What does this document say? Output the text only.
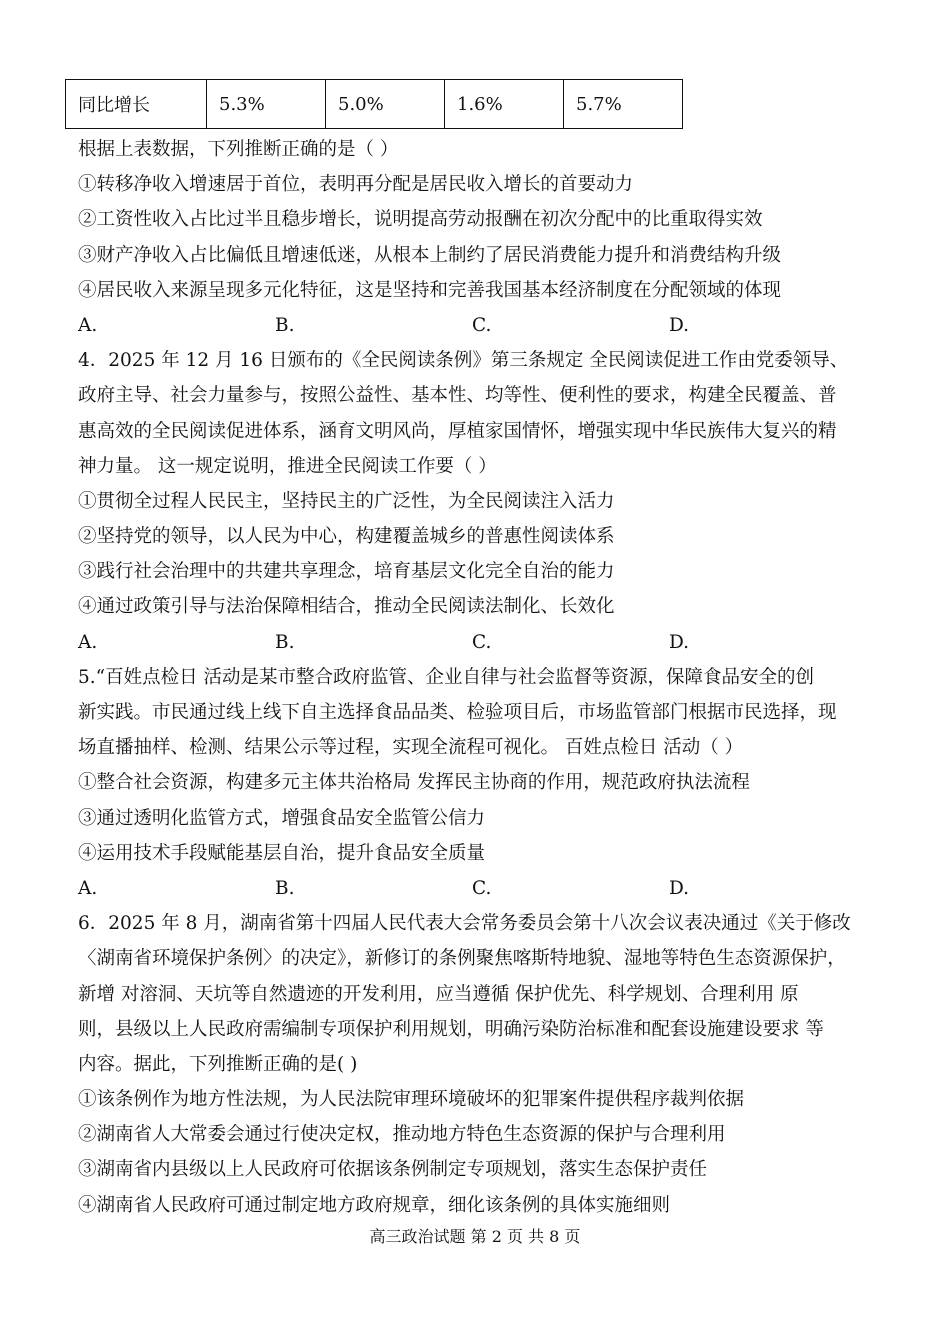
同比增长	5.3%	5.0%	1.6%	5.7%
根据上表数据，下列推断正确的是（ ）
①转移净收入增速居于首位，表明再分配是居民收入增长的首要动力
②工资性收入占比过半且稳步增长，说明提高劳动报酬在初次分配中的比重取得实效
③财产净收入占比偏低且增速低迷，从根本上制约了居民消费能力提升和消费结构升级
④居民收入来源呈现多元化特征，这是坚持和完善我国基本经济制度在分配领域的体现
A.	B.	C.	D.
4．2025 年 12 月 16 日颁布的《全民阅读条例》第三条规定 全民阅读促进工作由党委领导、
政府主导、社会力量参与，按照公益性、基本性、均等性、便利性的要求，构建全民覆盖、普
惠高效的全民阅读促进体系，涵育文明风尚，厚植家国情怀，增强实现中华民族伟大复兴的精
神力量。 这一规定说明，推进全民阅读工作要（ ）
①贯彻全过程人民民主，坚持民主的广泛性，为全民阅读注入活力
②坚持党的领导，以人民为中心，构建覆盖城乡的普惠性阅读体系
③践行社会治理中的共建共享理念，培育基层文化完全自治的能力
④通过政策引导与法治保障相结合，推动全民阅读法制化、长效化
A.	B.	C.	D.
5.“百姓点检日 活动是某市整合政府监管、企业自律与社会监督等资源，保障食品安全的创
新实践。市民通过线上线下自主选择食品品类、检验项目后，市场监管部门根据市民选择，现
场直播抽样、检测、结果公示等过程，实现全流程可视化。 百姓点检日 活动（ ）
①整合社会资源，构建多元主体共治格局 发挥民主协商的作用，规范政府执法流程
③通过透明化监管方式，增强食品安全监管公信力
④运用技术手段赋能基层自治，提升食品安全质量
A.	B.	C.	D.
6．2025 年 8 月，湖南省第十四届人民代表大会常务委员会第十八次会议表决通过《关于修改
〈湖南省环境保护条例〉的决定》，新修订的条例聚焦喀斯特地貌、湿地等特色生态资源保护，
新增 对溶洞、天坑等自然遗迹的开发利用，应当遵循 保护优先、科学规划、合理利用 原
则，县级以上人民政府需编制专项保护利用规划，明确污染防治标准和配套设施建设要求 等
内容。据此，下列推断正确的是( )
①该条例作为地方性法规，为人民法院审理环境破坏的犯罪案件提供程序裁判依据
②湖南省人大常委会通过行使决定权，推动地方特色生态资源的保护与合理利用
③湖南省内县级以上人民政府可依据该条例制定专项规划，落实生态保护责任
④湖南省人民政府可通过制定地方政府规章，细化该条例的具体实施细则
高三政治试题 第 2 页 共 8 页
